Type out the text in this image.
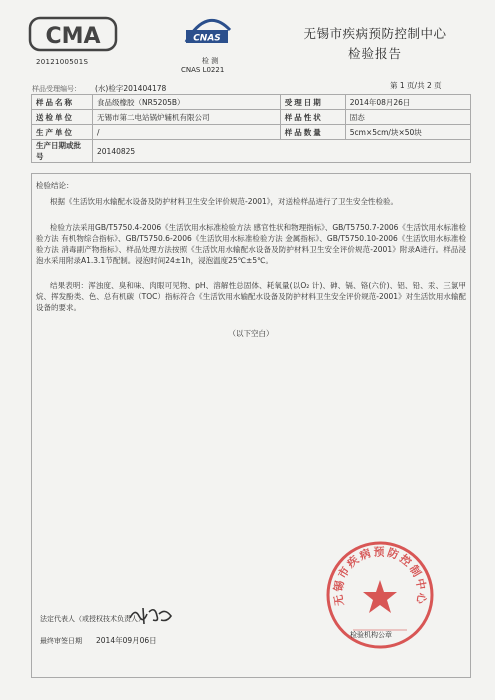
CMA
2012100501S
CNAS
检 测
CNAS L0221
无锡市疾病预防控制中心
检验报告
样品受理编号： (水)检字201404178	第 1 页/共 2 页
样品名称	食品级橡胶（NR5205B）	受理日期	2014年08月26日
送检单位	无锡市第二电站锅炉辅机有限公司	样品性状	固态
生产单位	/	样品数量	5cm×5cm/块×50块
生产日期或批号	20140825		
检验结论：
根据《生活饮用水输配水设备及防护材料卫生安全评价规范-2001》，对送检样品进行了卫生安全性检验。
检验方法采用GB/T5750.4-2006《生活饮用水标准检验方法 感官性状和物理指标》、GB/T5750.7-2006《生活饮用水标准检验方法 有机物综合指标》、GB/T5750.6-2006《生活饮用水标准检验方法 金属指标》、GB/T5750.10-2006《生活饮用水标准检验方法 消毒副产物指标》、样品处理方法按照《生活饮用水输配水设备及防护材料卫生安全评价规范-2001》附录A进行。样品浸泡水采用附录A1.3.1节配制。浸泡时间24±1h，浸泡温度25℃±5℃。
结果表明：浑浊度、臭和味、肉眼可见物、pH、溶解性总固体、耗氧量(以O₂ 计)、砷、镉、铬(六价)、铝、铅、汞、三氯甲烷、挥发酚类、色、总有机碳（TOC）指标符合《生活饮用水输配水设备及防护材料卫生安全评价规范-2001》对生活饮用水输配设备的要求。
（以下空白）
法定代表人（或授权技术负责人）
最终审签日期 2014年09月06日
无锡市疾病预防控制中心
检验机构公章
